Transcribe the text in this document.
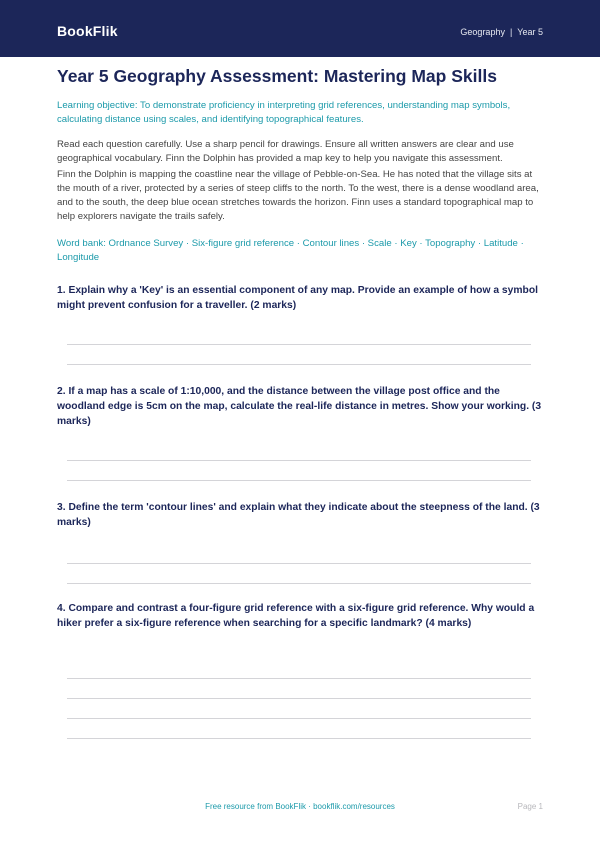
BookFlik	Geography | Year 5
Year 5 Geography Assessment: Mastering Map Skills

Learning objective: To demonstrate proficiency in interpreting grid references, understanding map symbols, calculating distance using scales, and identifying topographical features.

Read each question carefully. Use a sharp pencil for drawings. Ensure all written answers are clear and use geographical vocabulary. Finn the Dolphin has provided a map key to help you navigate this assessment.

Finn the Dolphin is mapping the coastline near the village of Pebble-on-Sea. He has noted that the village sits at the mouth of a river, protected by a series of steep cliffs to the north. To the west, there is a dense woodland area, and to the south, the deep blue ocean stretches towards the horizon. Finn uses a standard topographical map to help explorers navigate the trails safely.

Word bank: Ordnance Survey · Six-figure grid reference · Contour lines · Scale · Key · Topography · Latitude · Longitude

1. Explain why a 'Key' is an essential component of any map. Provide an example of how a symbol might prevent confusion for a traveller. (2 marks)

2. If a map has a scale of 1:10,000, and the distance between the village post office and the woodland edge is 5cm on the map, calculate the real-life distance in metres. Show your working. (3 marks)

3. Define the term 'contour lines' and explain what they indicate about the steepness of the land. (3 marks)

4. Compare and contrast a four-figure grid reference with a six-figure grid reference. Why would a hiker prefer a six-figure reference when searching for a specific landmark? (4 marks)

Free resource from BookFlik · bookflik.com/resources	Page 1
